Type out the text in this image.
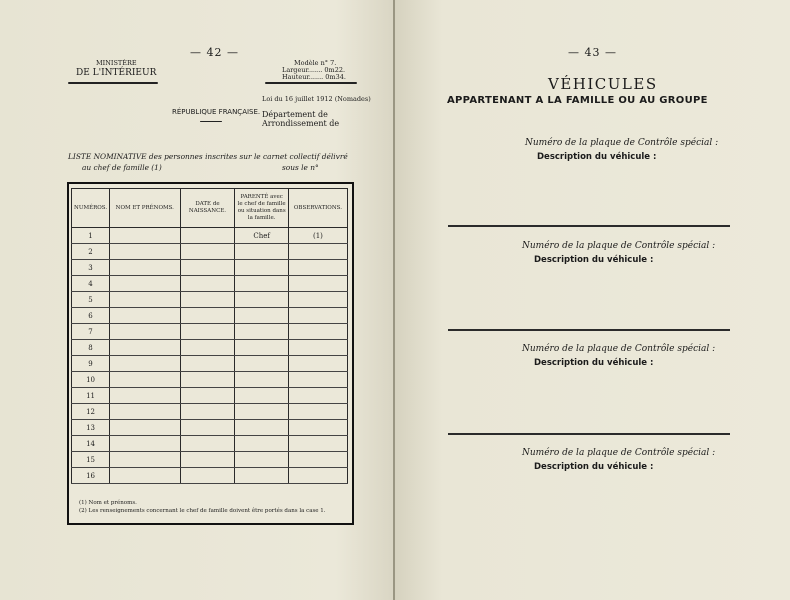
— 42 —
MINISTÈRE
DE L'INTÉRIEUR
Modèle n° 7.
Largeur....... 0m22.
Hauteur....... 0m34.
RÉPUBLIQUE FRANÇAISE.
Loi du 16 juillet 1912 (Nomades)
Département de
Arrondissement de
LISTE NOMINATIVE des personnes inscrites sur le carnet collectif délivré
au chef de famille (1)	sous le n°
NUMÉROS.	NOM ET PRÉNOMS.	DATE de NAISSANCE.	PARENTÉ avec le chef de famille ou situation dans la famille.	OBSERVATIONS.
1			Chef	(1)
2				
3				
4				
5				
6				
7				
8				
9				
10				
11				
12				
13				
14				
15				
16				
(1) Nom et prénoms.
(2) Les renseignements concernant le chef de famille doivent être portés dans la case 1.
— 43 —
VÉHICULES
APPARTENANT A LA FAMILLE OU AU GROUPE
Numéro de la plaque de Contrôle spécial :
Description du véhicule :
Numéro de la plaque de Contrôle spécial :
Description du véhicule :
Numéro de la plaque de Contrôle spécial :
Description du véhicule :
Numéro de la plaque de Contrôle spécial :
Description du véhicule :
